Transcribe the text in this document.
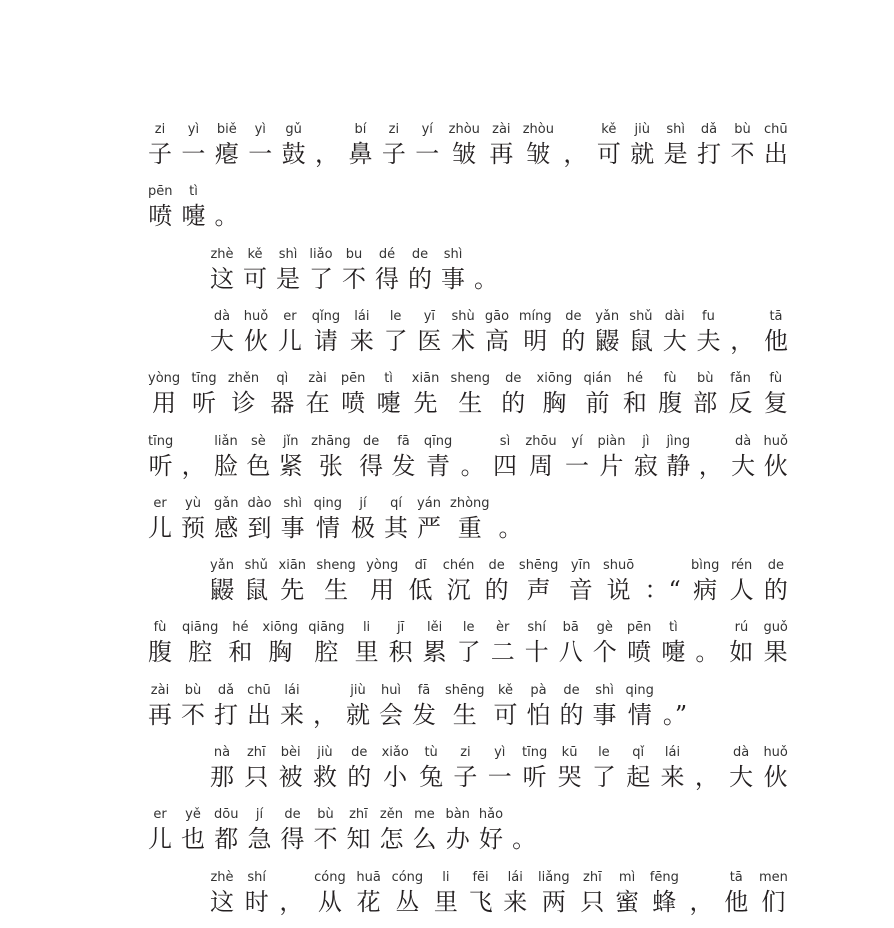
zi
子
yì
一
biě
瘪
yì
一
gǔ
鼓 ，
bí
鼻
zi
子
yí
一
zhòu
皱
zài
再
zhòu
皱 ，
kě
可
jiù
就
shì
是
dǎ
打
bù
不
chū
出
pēn
喷
tì
嚏 。
zhè
这
kě
可
shì
是
liǎo
了
bu
不
dé
得
de
的
shì
事 。
dà
大
huǒ
伙
er
儿
qǐng
请
lái
来
le
了
yī
医
shù
术
gāo
高
míng
明
de
的
yǎn
鼹
shǔ
鼠
dài
大
fu
夫 ，
tā
他
yòng
用
tīng
听
zhěn
诊
qì
器
zài
在
pēn
喷
tì
嚏
xiān
先
sheng
生
de
的
xiōng
胸
qián
前
hé
和
fù
腹
bù
部
fǎn
反
fù
复
tīng
听 ，
liǎn
脸
sè
色
jǐn
紧
zhāng
张
de
得
fā
发
qīng
青 。
sì
四
zhōu
周
yí
一
piàn
片
jì
寂
jìng
静 ，
dà
大
huǒ
伙
er
儿
yù
预
gǎn
感
dào
到
shì
事
qing
情
jí
极
qí
其
yán
严
zhòng
重 。
yǎn
鼹
shǔ
鼠
xiān
先
sheng
生
yòng
用
dī
低
chén
沉
de
的
shēng
声
yīn
音
shuō
说 ：“
bìng
病
rén
人
de
的
fù
腹
qiāng
腔
hé
和
xiōng
胸
qiāng
腔
li
里
jī
积
lěi
累
le
了
èr
二
shí
十
bā
八
gè
个
pēn
喷
tì
嚏 。
rú
如
guǒ
果
zài
再
bù
不
dǎ
打
chū
出
lái
来 ，
jiù
就
huì
会
fā
发
shēng
生
kě
可
pà
怕
de
的
shì
事
qing
情 。”
nà
那
zhī
只
bèi
被
jiù
救
de
的
xiǎo
小
tù
兔
zi
子
yì
一
tīng
听
kū
哭
le
了
qǐ
起
lái
来 ，
dà
大
huǒ
伙
er
儿
yě
也
dōu
都
jí
急
de
得
bù
不
zhī
知
zěn
怎
me
么
bàn
办
hǎo
好 。
zhè
这
shí
时 ，
cóng
从
huā
花
cóng
丛
li
里
fēi
飞
lái
来
liǎng
两
zhī
只
mì
蜜
fēng
蜂 ，
tā
他
men
们
